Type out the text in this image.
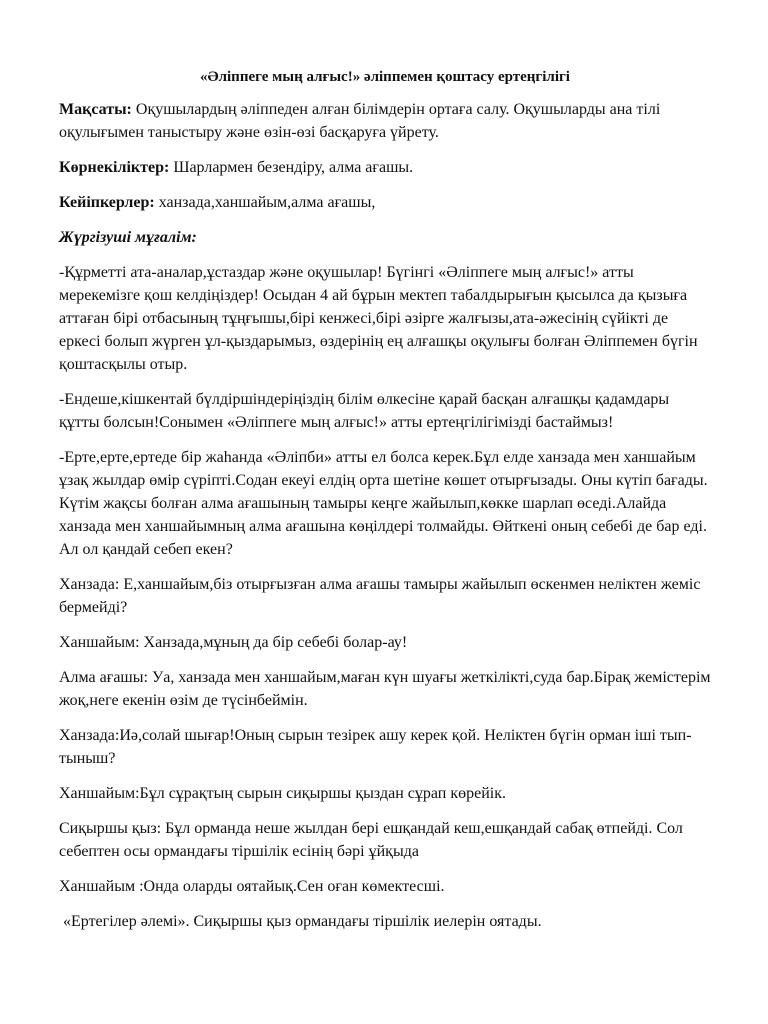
«Әліппеге мың алғыс!» әліппемен қоштасу ертеңгілігі

Мақсаты: Оқушылардың әліппеден алған білімдерін ортаға салу. Оқушыларды ана тілі оқулығымен таныстыру және өзін-өзі басқаруға үйрету.

Көрнекіліктер: Шарлармен безендіру, алма ағашы.

Кейіпкерлер: ханзада,ханшайым,алма ағашы,

Жүргізуші мұғалім:

-Құрметті ата-аналар,ұстаздар және оқушылар! Бүгінгі «Әліппеге мың алғыс!» атты мерекемізге қош келдіңіздер! Осыдан 4 ай бұрын мектеп табалдырығын қысылса да қызыға аттаған бірі отбасының тұңғышы,бірі кенжесі,бірі әзірге жалғызы,ата-әжесінің сүйікті де еркесі болып жүрген ұл-қыздарымыз, өздерінің ең алғашқы оқулығы болған Әліппемен бүгін қоштасқылы отыр.

-Ендеше,кішкентай бүлдіршіндеріңіздің білім өлкесіне қарай басқан алғашқы қадамдары құтты болсын!Сонымен «Әліппеге мың алғыс!» атты ертеңгілігімізді бастаймыз!

-Ерте,ерте,ертеде бір жаһанда «Әліпби» атты ел болса керек.Бұл елде ханзада мен ханшайым ұзақ жылдар өмір сүріпті.Содан екеуі елдің орта шетіне көшет отырғызады. Оны күтіп бағады. Күтім жақсы болған алма ағашының тамыры кеңге жайылып,көкке шарлап өседі.Алайда ханзада мен ханшайымның алма ағашына көңілдері толмайды. Өйткені оның себебі де бар еді. Ал ол қандай себеп екен?

Ханзада: Е,ханшайым,біз отырғызған алма ағашы тамыры жайылып өскенмен неліктен жеміс бермейді?

Ханшайым: Ханзада,мұның да бір себебі болар-ау!

Алма ағашы: Уа, ханзада мен ханшайым,маған күн шуағы жеткілікті,суда бар.Бірақ жемістерім жоқ,неге екенін өзім де түсінбеймін.

Ханзада:Иә,солай шығар!Оның сырын тезірек ашу керек қой. Неліктен бүгін орман іші тып-тыныш?

Ханшайым:Бұл сұрақтың сырын сиқыршы қыздан сұрап көрейік.

Сиқыршы қыз: Бұл орманда неше жылдан бері ешқандай кеш,ешқандай сабақ өтпейді. Сол себептен осы ормандағы тіршілік есінің бәрі ұйқыда

Ханшайым :Онда оларды оятайық.Сен оған көмектесші.

«Ертегілер әлемі». Сиқыршы қыз ормандағы тіршілік иелерін оятады.
